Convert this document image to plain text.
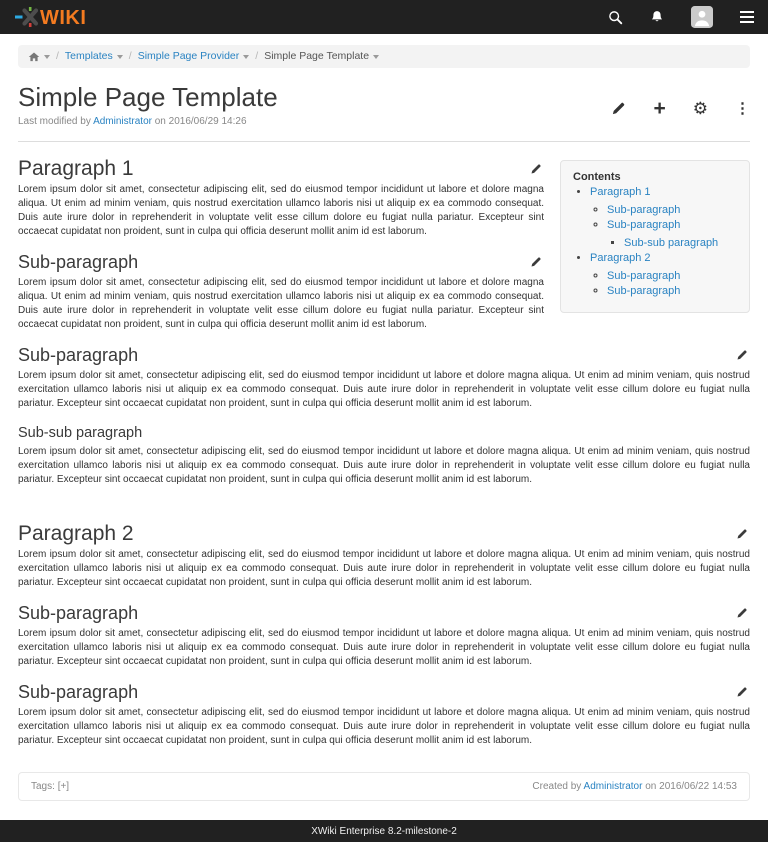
WIKI
/ Templates / Simple Page Provider / Simple Page Template
Simple Page Template

Last modified by Administrator on 2016/06/29 14:26

+ ⚙ ⋮
Contents
• Paragraph 1
◦ Sub-paragraph
◦ Sub-paragraph
▪ Sub-sub paragraph
• Paragraph 2
◦ Sub-paragraph
◦ Sub-paragraph
Paragraph 1

Lorem ipsum dolor sit amet, consectetur adipiscing elit, sed do eiusmod tempor incididunt ut labore et dolore magna aliqua. Ut enim ad minim veniam, quis nostrud exercitation ullamco laboris nisi ut aliquip ex ea commodo consequat. Duis aute irure dolor in reprehenderit in voluptate velit esse cillum dolore eu fugiat nulla pariatur. Excepteur sint occaecat cupidatat non proident, sunt in culpa qui officia deserunt mollit anim id est laborum.

Sub-paragraph

Lorem ipsum dolor sit amet, consectetur adipiscing elit, sed do eiusmod tempor incididunt ut labore et dolore magna aliqua. Ut enim ad minim veniam, quis nostrud exercitation ullamco laboris nisi ut aliquip ex ea commodo consequat. Duis aute irure dolor in reprehenderit in voluptate velit esse cillum dolore eu fugiat nulla pariatur. Excepteur sint occaecat cupidatat non proident, sunt in culpa qui officia deserunt mollit anim id est laborum.

Sub-paragraph

Lorem ipsum dolor sit amet, consectetur adipiscing elit, sed do eiusmod tempor incididunt ut labore et dolore magna aliqua. Ut enim ad minim veniam, quis nostrud exercitation ullamco laboris nisi ut aliquip ex ea commodo consequat. Duis aute irure dolor in reprehenderit in voluptate velit esse cillum dolore eu fugiat nulla pariatur. Excepteur sint occaecat cupidatat non proident, sunt in culpa qui officia deserunt mollit anim id est laborum.

Sub-sub paragraph

Lorem ipsum dolor sit amet, consectetur adipiscing elit, sed do eiusmod tempor incididunt ut labore et dolore magna aliqua. Ut enim ad minim veniam, quis nostrud exercitation ullamco laboris nisi ut aliquip ex ea commodo consequat. Duis aute irure dolor in reprehenderit in voluptate velit esse cillum dolore eu fugiat nulla pariatur. Excepteur sint occaecat cupidatat non proident, sunt in culpa qui officia deserunt mollit anim id est laborum.

Paragraph 2

Lorem ipsum dolor sit amet, consectetur adipiscing elit, sed do eiusmod tempor incididunt ut labore et dolore magna aliqua. Ut enim ad minim veniam, quis nostrud exercitation ullamco laboris nisi ut aliquip ex ea commodo consequat. Duis aute irure dolor in reprehenderit in voluptate velit esse cillum dolore eu fugiat nulla pariatur. Excepteur sint occaecat cupidatat non proident, sunt in culpa qui officia deserunt mollit anim id est laborum.

Sub-paragraph

Lorem ipsum dolor sit amet, consectetur adipiscing elit, sed do eiusmod tempor incididunt ut labore et dolore magna aliqua. Ut enim ad minim veniam, quis nostrud exercitation ullamco laboris nisi ut aliquip ex ea commodo consequat. Duis aute irure dolor in reprehenderit in voluptate velit esse cillum dolore eu fugiat nulla pariatur. Excepteur sint occaecat cupidatat non proident, sunt in culpa qui officia deserunt mollit anim id est laborum.

Sub-paragraph

Lorem ipsum dolor sit amet, consectetur adipiscing elit, sed do eiusmod tempor incididunt ut labore et dolore magna aliqua. Ut enim ad minim veniam, quis nostrud exercitation ullamco laboris nisi ut aliquip ex ea commodo consequat. Duis aute irure dolor in reprehenderit in voluptate velit esse cillum dolore eu fugiat nulla pariatur. Excepteur sint occaecat cupidatat non proident, sunt in culpa qui officia deserunt mollit anim id est laborum.

Tags: [+]	Created by Administrator on 2016/06/22 14:53
XWiki Enterprise 8.2-milestone-2
